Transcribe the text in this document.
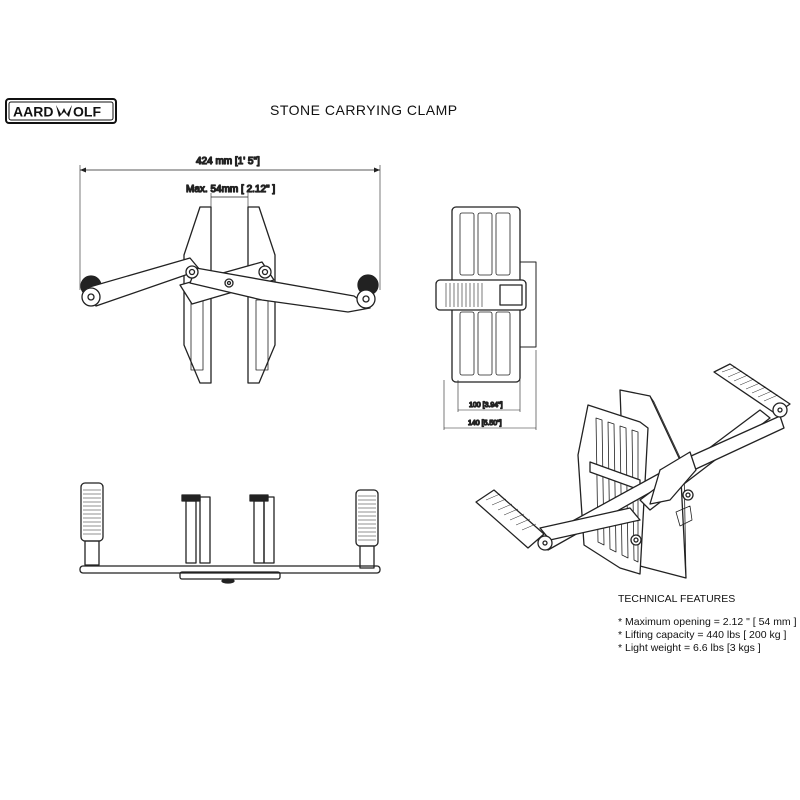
AARD OLF	STONE CARRYING CLAMP
424 mm [1' 5"]
Max. 54mm [ 2.12" ]
100 [3.94"]
140 [5.50"]
TECHNICAL FEATURES
* Maximum opening = 2.12 " [ 54 mm ]
* Lifting capacity = 440 lbs [ 200 kg ]
* Light weight = 6.6 lbs [3 kgs ]
